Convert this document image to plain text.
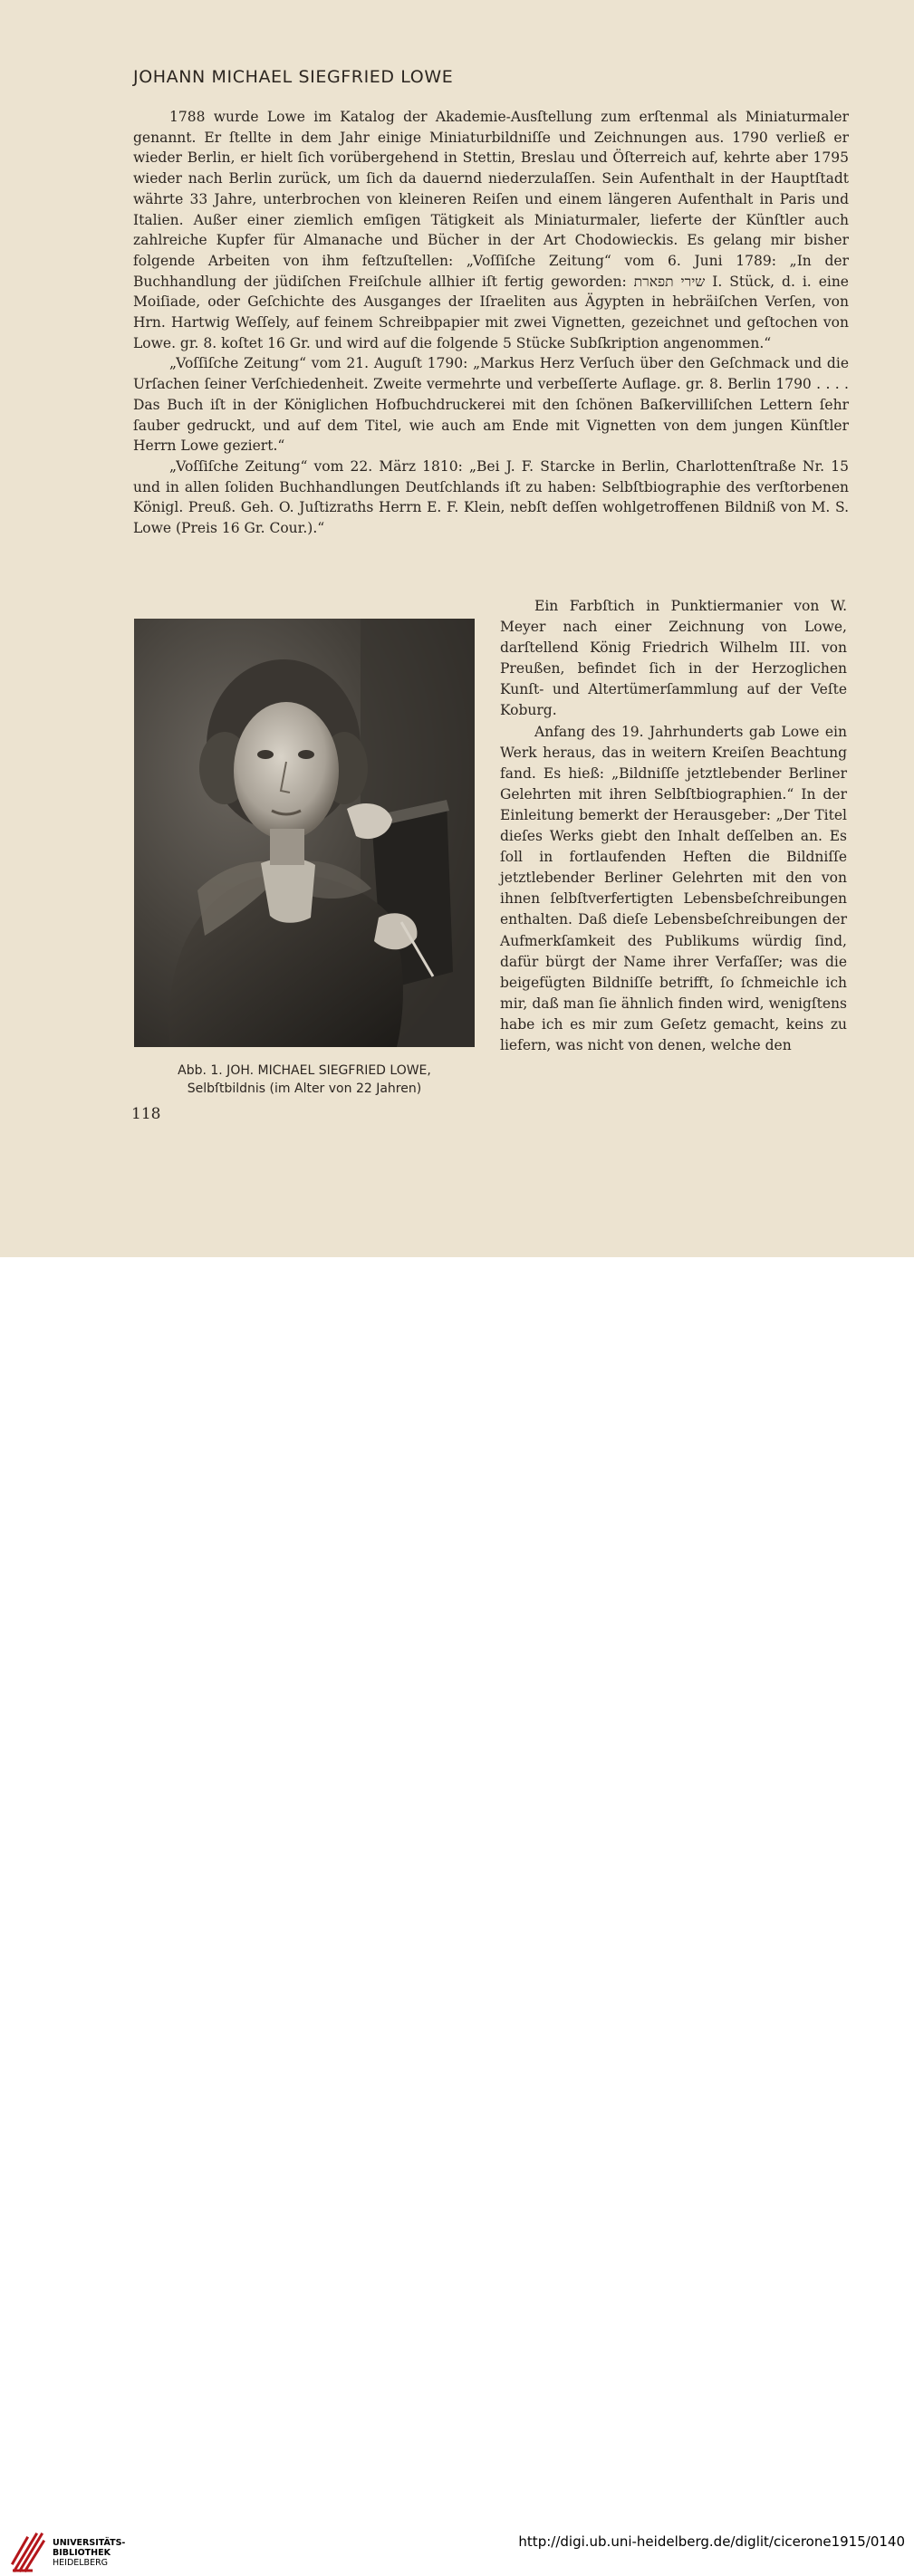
JOHANN MICHAEL SIEGFRIED LOWE

1788 wurde Lowe im Katalog der Akademie-Ausſtellung zum erſtenmal als Miniaturmaler genannt. Er ſtellte in dem Jahr einige Miniaturbildniſſe und Zeichnungen aus. 1790 verließ er wieder Berlin, er hielt ſich vorübergehend in Stettin, Breslau und Öſterreich auf, kehrte aber 1795 wieder nach Berlin zurück, um ſich da dauernd niederzulaſſen. Sein Aufenthalt in der Hauptſtadt währte 33 Jahre, unterbrochen von kleineren Reiſen und einem längeren Aufenthalt in Paris und Italien. Außer einer ziemlich emſigen Tätigkeit als Miniaturmaler, lieferte der Künſtler auch zahlreiche Kupfer für Almanache und Bücher in der Art Chodowieckis. Es gelang mir bisher folgende Arbeiten von ihm feſtzuſtellen: „Voſſiſche Zeitung“ vom 6. Juni 1789: „In der Buchhandlung der jüdiſchen Freiſchule allhier iſt fertig geworden: שירי תפארת I. Stück, d. i. eine Moiſiade, oder Geſchichte des Ausganges der Iſraeliten aus Ägypten in hebräiſchen Verſen, von Hrn. Hartwig Weſſely, auf feinem Schreibpapier mit zwei Vignetten, gezeichnet und geſtochen von Lowe. gr. 8. koſtet 16 Gr. und wird auf die folgende 5 Stücke Subſkription angenommen.“

„Voſſiſche Zeitung“ vom 21. Auguſt 1790: „Markus Herz Verſuch über den Geſchmack und die Urſachen ſeiner Verſchiedenheit. Zweite vermehrte und verbeſſerte Auflage. gr. 8. Berlin 1790 . . . . Das Buch iſt in der Königlichen Hofbuchdruckerei mit den ſchönen Baſkervilliſchen Lettern ſehr ſauber gedruckt, und auf dem Titel, wie auch am Ende mit Vignetten von dem jungen Künſtler Herrn Lowe geziert.“

„Voſſiſche Zeitung“ vom 22. März 1810: „Bei J. F. Starcke in Berlin, Charlottenſtraße Nr. 15 und in allen ſoliden Buchhandlungen Deutſchlands iſt zu haben: Selbſtbiographie des verſtorbenen Königl. Preuß. Geh. O. Juſtizraths Herrn E. F. Klein, nebſt deſſen wohlgetroffenen Bildniß von M. S. Lowe (Preis 16 Gr. Cour.).“

Abb. 1. JOH. MICHAEL SIEGFRIED LOWE,
Selbſtbildnis (im Alter von 22 Jahren)

Ein Farbſtich in Punktiermanier von W. Meyer nach einer Zeichnung von Lowe, darſtellend König Friedrich Wilhelm III. von Preußen, befindet ſich in der Herzoglichen Kunſt- und Altertümerſammlung auf der Veſte Koburg.

Anfang des 19. Jahrhunderts gab Lowe ein Werk heraus, das in weitern Kreiſen Beachtung fand. Es hieß: „Bildniſſe jetztlebender Berliner Gelehrten mit ihren Selbſtbiographien.“ In der Einleitung bemerkt der Herausgeber: „Der Titel dieſes Werks giebt den Inhalt deſſelben an. Es ſoll in fortlaufenden Heften die Bildniſſe jetztlebender Berliner Gelehrten mit den von ihnen ſelbſtverfertigten Lebensbeſchreibungen enthalten. Daß dieſe Lebensbeſchreibungen der Aufmerkſamkeit des Publikums würdig ſind, dafür bürgt der Name ihrer Verfaſſer; was die beigefügten Bildniſſe betrifft, ſo ſchmeichle ich mir, daß man ſie ähnlich finden wird, wenigſtens habe ich es mir zum Geſetz gemacht, keins zu liefern, was nicht von denen, welche den

118
UNIVERSITÄTS-
BIBLIOTHEK
HEIDELBERG
http://digi.ub.uni-heidelberg.de/diglit/cicerone1915/0140
